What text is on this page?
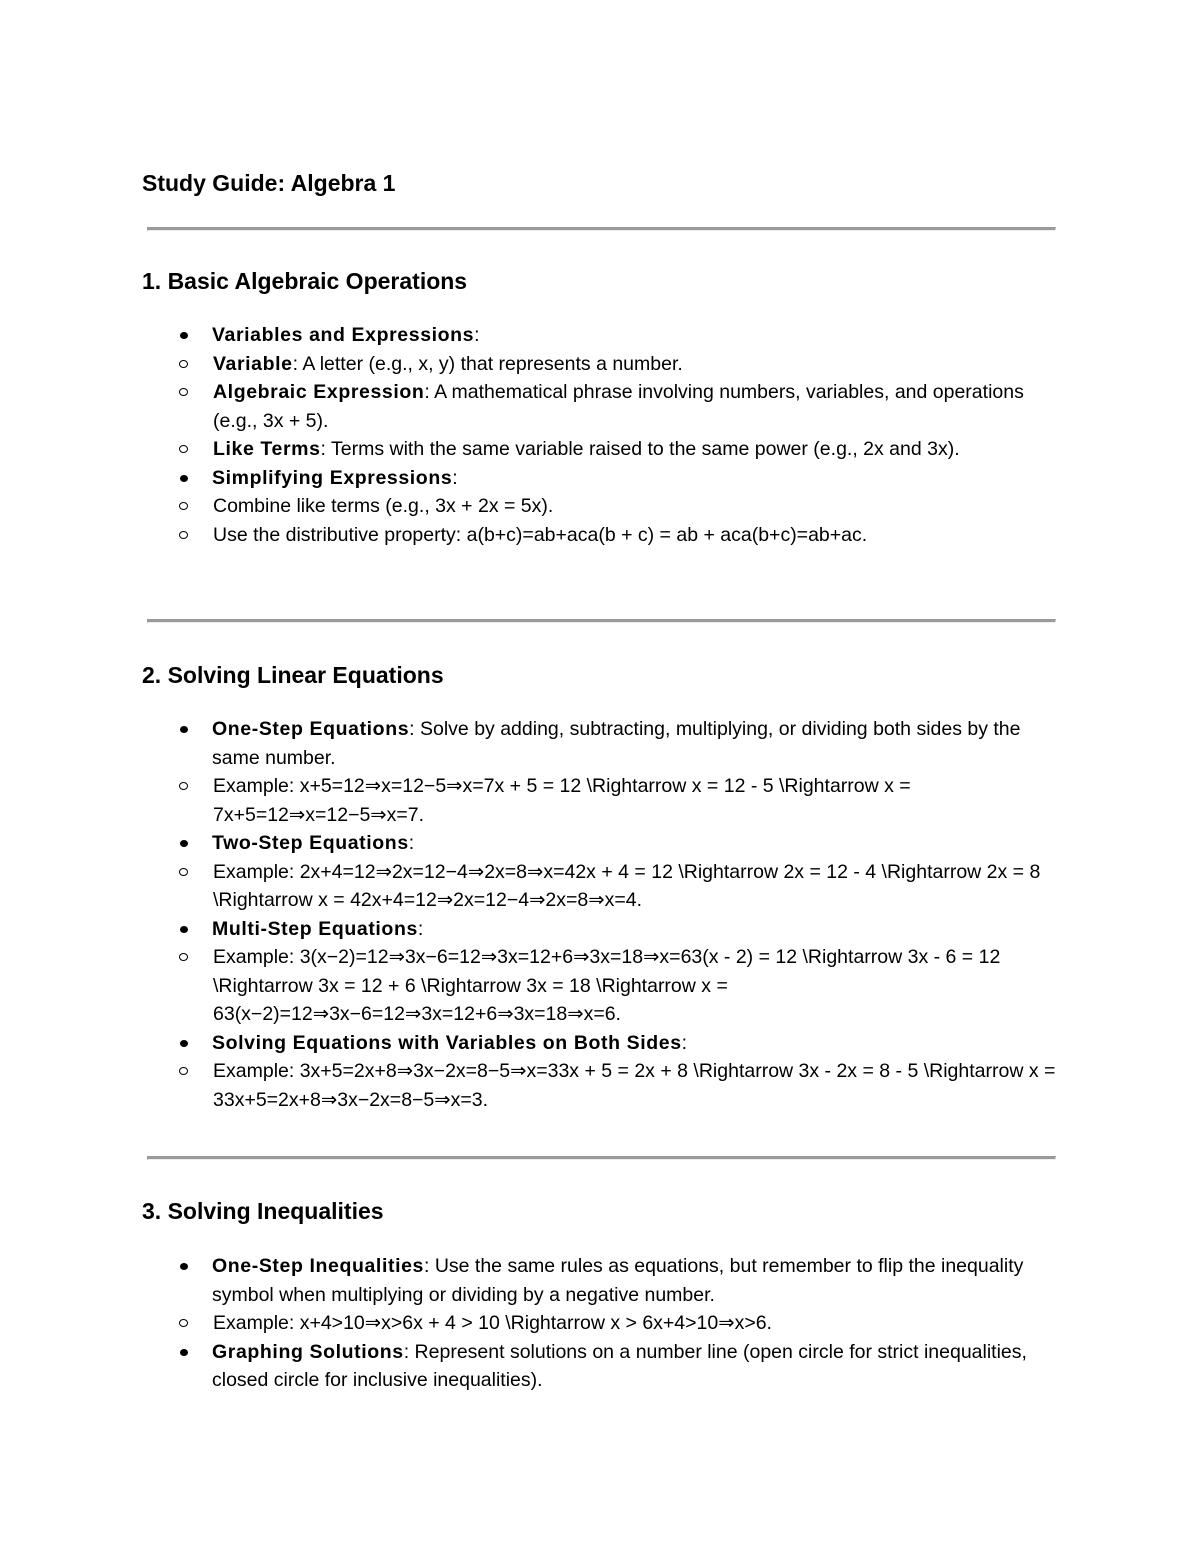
Study Guide: Algebra 1
1. Basic Algebraic Operations
Variables and Expressions:
Variable: A letter (e.g., x, y) that represents a number.
Algebraic Expression: A mathematical phrase involving numbers, variables, and operations (e.g., 3x + 5).
Like Terms: Terms with the same variable raised to the same power (e.g., 2x and 3x).
Simplifying Expressions:
Combine like terms (e.g., 3x + 2x = 5x).
Use the distributive property: a(b+c)=ab+aca(b + c) = ab + aca(b+c)=ab+ac.
2. Solving Linear Equations
One-Step Equations: Solve by adding, subtracting, multiplying, or dividing both sides by the same number.
Example: x+5=12⇒x=12−5⇒x=7x + 5 = 12 \Rightarrow x = 12 - 5 \Rightarrow x = 7x+5=12⇒x=12−5⇒x=7.
Two-Step Equations:
Example: 2x+4=12⇒2x=12−4⇒2x=8⇒x=42x + 4 = 12 \Rightarrow 2x = 12 - 4 \Rightarrow 2x = 8 \Rightarrow x = 42x+4=12⇒2x=12−4⇒2x=8⇒x=4.
Multi-Step Equations:
Example: 3(x−2)=12⇒3x−6=12⇒3x=12+6⇒3x=18⇒x=63(x - 2) = 12 \Rightarrow 3x - 6 = 12 \Rightarrow 3x = 12 + 6 \Rightarrow 3x = 18 \Rightarrow x = 63(x−2)=12⇒3x−6=12⇒3x=12+6⇒3x=18⇒x=6.
Solving Equations with Variables on Both Sides:
Example: 3x+5=2x+8⇒3x−2x=8−5⇒x=33x + 5 = 2x + 8 \Rightarrow 3x - 2x = 8 - 5 \Rightarrow x = 33x+5=2x+8⇒3x−2x=8−5⇒x=3.
3. Solving Inequalities
One-Step Inequalities: Use the same rules as equations, but remember to flip the inequality symbol when multiplying or dividing by a negative number.
Example: x+4>10⇒x>6x + 4 > 10 \Rightarrow x > 6x+4>10⇒x>6.
Graphing Solutions: Represent solutions on a number line (open circle for strict inequalities, closed circle for inclusive inequalities).
